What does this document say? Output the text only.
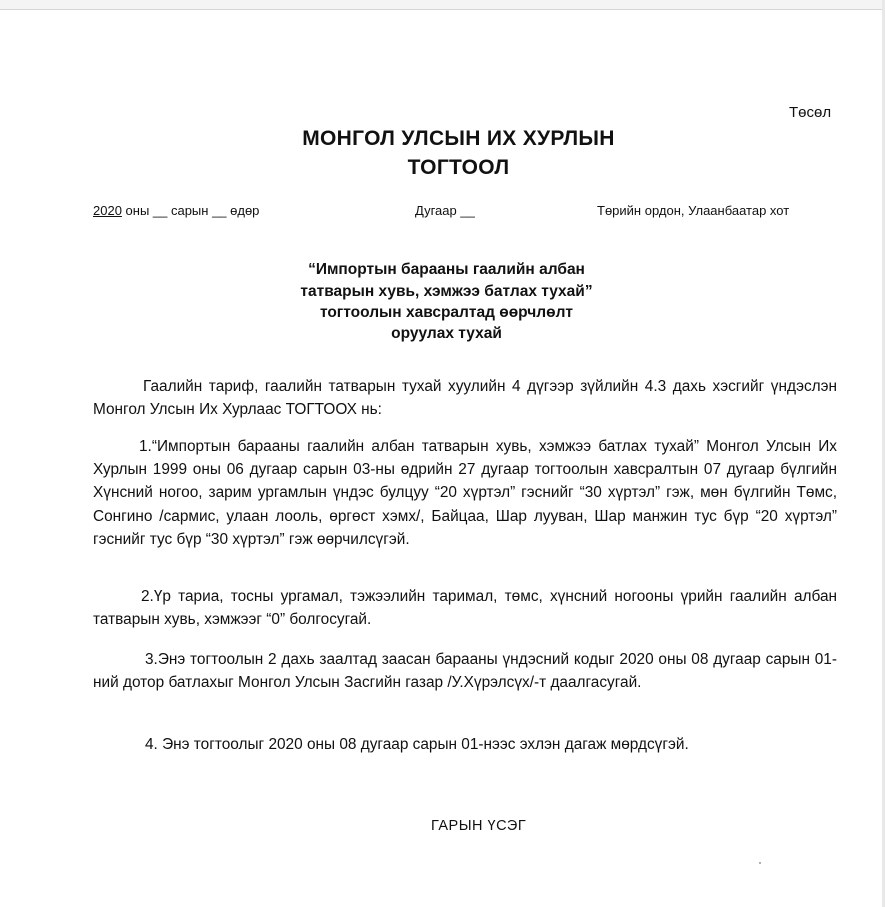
Төсөл
МОНГОЛ УЛСЫН ИХ ХУРЛЫН
ТОГТООЛ
2020 оны __ сарын __ өдөр	Дугаар __	Төрийн ордон, Улаанбаатар хот
“Импортын барааны гаалийн албан
татварын хувь, хэмжээ батлах тухай”
тогтоолын хавсралтад өөрчлөлт
оруулах тухай
Гаалийн тариф, гаалийн татварын тухай хуулийн 4 дүгээр зүйлийн 4.3 дахь хэсгийг үндэслэн Монгол Улсын Их Хурлаас ТОГТООХ нь:
1.“Импортын барааны гаалийн албан татварын хувь, хэмжээ батлах тухай” Монгол Улсын Их Хурлын 1999 оны 06 дугаар сарын 03-ны өдрийн 27 дугаар тогтоолын хавсралтын 07 дугаар бүлгийн Хүнсний ногоо, зарим ургамлын үндэс булцуу “20 хүртэл” гэснийг “30 хүртэл” гэж, мөн бүлгийн Төмс, Сонгино /сармис, улаан лооль, өргөст хэмх/, Байцаа, Шар лууван, Шар манжин тус бүр “20 хүртэл” гэснийг тус бүр “30 хүртэл” гэж өөрчилсүгэй.
2.Үр тариа, тосны ургамал, тэжээлийн таримал, төмс, хүнсний ногооны үрийн гаалийн албан татварын хувь, хэмжээг “0” болгосугай.
3.Энэ тогтоолын 2 дахь заалтад заасан барааны үндэсний кодыг 2020 оны 08 дугаар сарын 01-ний дотор батлахыг Монгол Улсын Засгийн газар /У.Хүрэлсүх/-т даалгасугай.
4. Энэ тогтоолыг 2020 оны 08 дугаар сарын 01-нээс эхлэн дагаж мөрдсүгэй.
ГАРЫН ҮСЭГ
